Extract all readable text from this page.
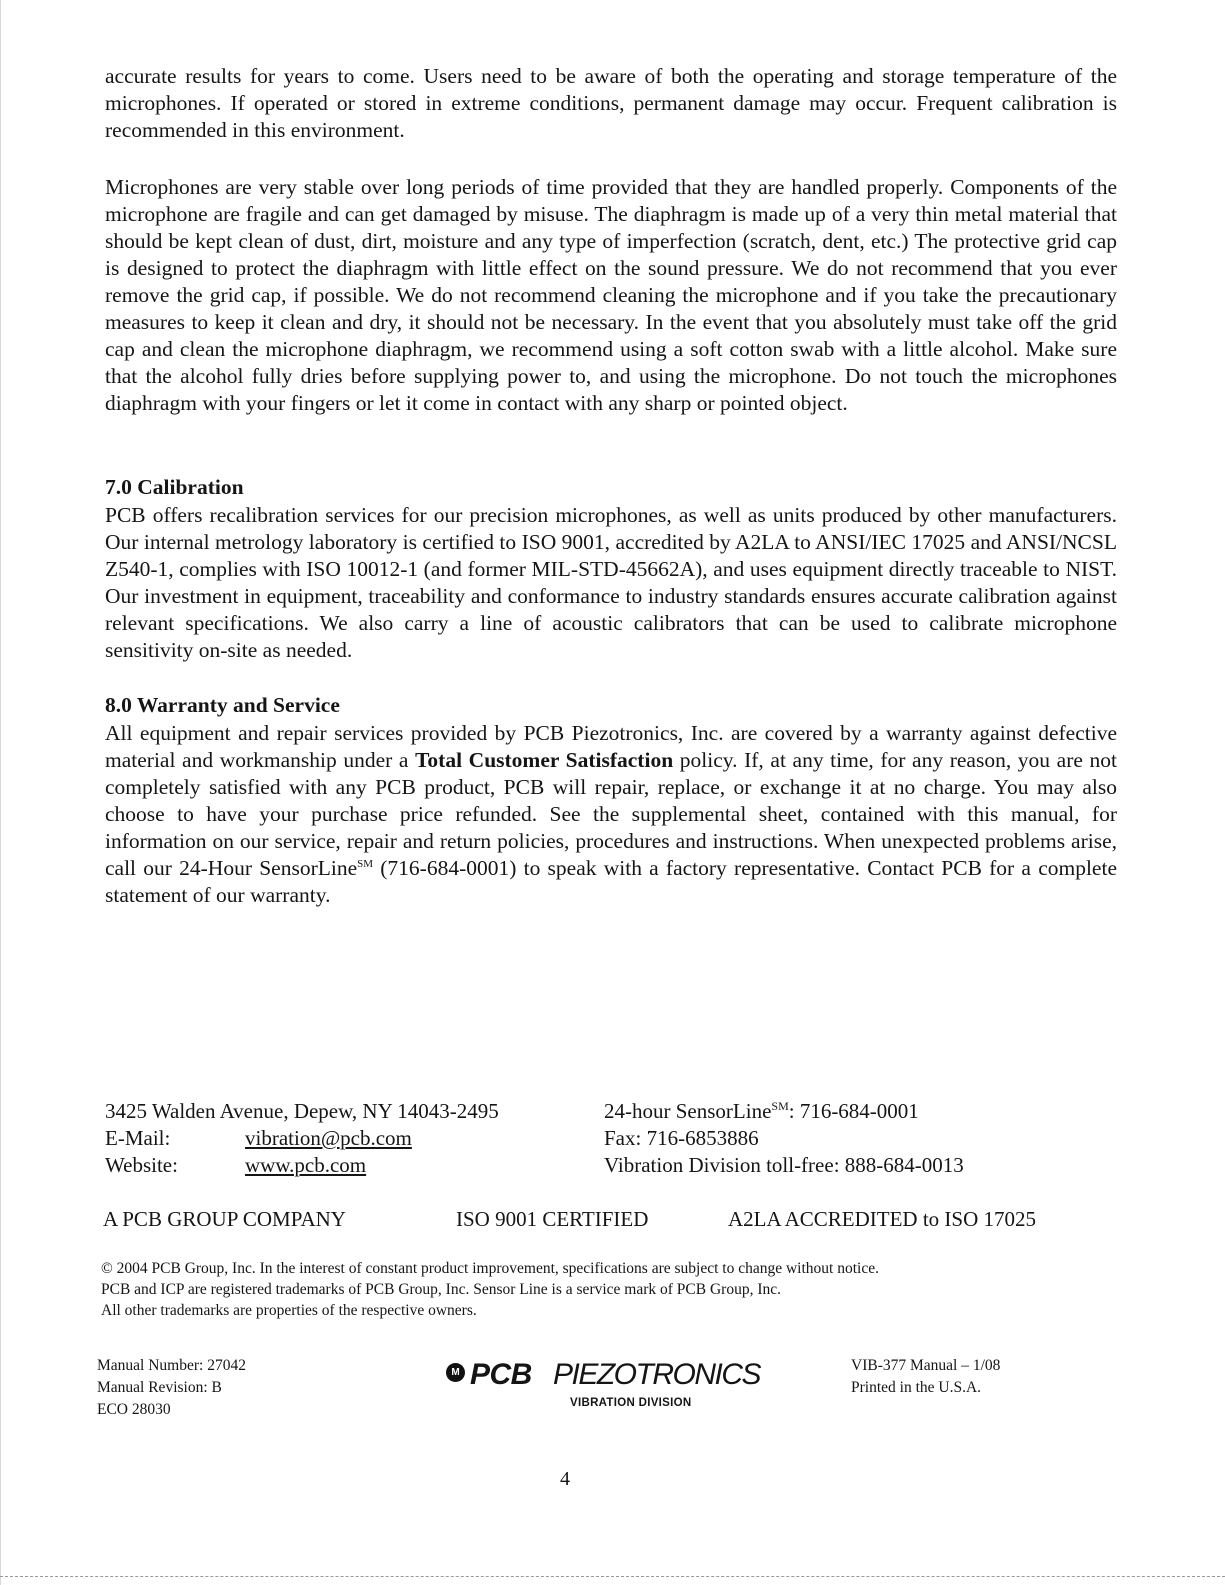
accurate results for years to come. Users need to be aware of both the operating and storage temperature of the microphones. If operated or stored in extreme conditions, permanent damage may occur. Frequent calibration is recommended in this environment.

Microphones are very stable over long periods of time provided that they are handled properly. Components of the microphone are fragile and can get damaged by misuse. The diaphragm is made up of a very thin metal material that should be kept clean of dust, dirt, moisture and any type of imperfection (scratch, dent, etc.) The protective grid cap is designed to protect the diaphragm with little effect on the sound pressure. We do not recommend that you ever remove the grid cap, if possible. We do not recommend cleaning the microphone and if you take the precautionary measures to keep it clean and dry, it should not be necessary. In the event that you absolutely must take off the grid cap and clean the microphone diaphragm, we recommend using a soft cotton swab with a little alcohol. Make sure that the alcohol fully dries before supplying power to, and using the microphone. Do not touch the microphones diaphragm with your fingers or let it come in contact with any sharp or pointed object.

7.0 Calibration

PCB offers recalibration services for our precision microphones, as well as units produced by other manufacturers. Our internal metrology laboratory is certified to ISO 9001, accredited by A2LA to ANSI/IEC 17025 and ANSI/NCSL Z540-1, complies with ISO 10012-1 (and former MIL-STD-45662A), and uses equipment directly traceable to NIST. Our investment in equipment, traceability and conformance to industry standards ensures accurate calibration against relevant specifications. We also carry a line of acoustic calibrators that can be used to calibrate microphone sensitivity on-site as needed.

8.0 Warranty and Service

All equipment and repair services provided by PCB Piezotronics, Inc. are covered by a warranty against defective material and workmanship under a Total Customer Satisfaction policy. If, at any time, for any reason, you are not completely satisfied with any PCB product, PCB will repair, replace, or exchange it at no charge. You may also choose to have your purchase price refunded. See the supplemental sheet, contained with this manual, for information on our service, repair and return policies, procedures and instructions. When unexpected problems arise, call our 24-Hour SensorLine℠ (716-684-0001) to speak with a factory representative. Contact PCB for a complete statement of our warranty.

3425 Walden Avenue, Depew, NY 14043-2495
E-Mail:	vibration@pcb.com
Website:	www.pcb.com
24-hour SensorLine℠: 716-684-0001
Fax: 716-6853886
Vibration Division toll-free: 888-684-0013
A PCB GROUP COMPANY	ISO 9001 CERTIFIED	A2LA ACCREDITED to ISO 17025
© 2004 PCB Group, Inc. In the interest of constant product improvement, specifications are subject to change without notice.
PCB and ICP are registered trademarks of PCB Group, Inc. Sensor Line is a service mark of PCB Group, Inc.
All other trademarks are properties of the respective owners.
Manual Number: 27042
Manual Revision: B
ECO 28030
M PCB PIEZOTRONICS
VIBRATION DIVISION
VIB-377 Manual – 1/08
Printed in the U.S.A.
4
